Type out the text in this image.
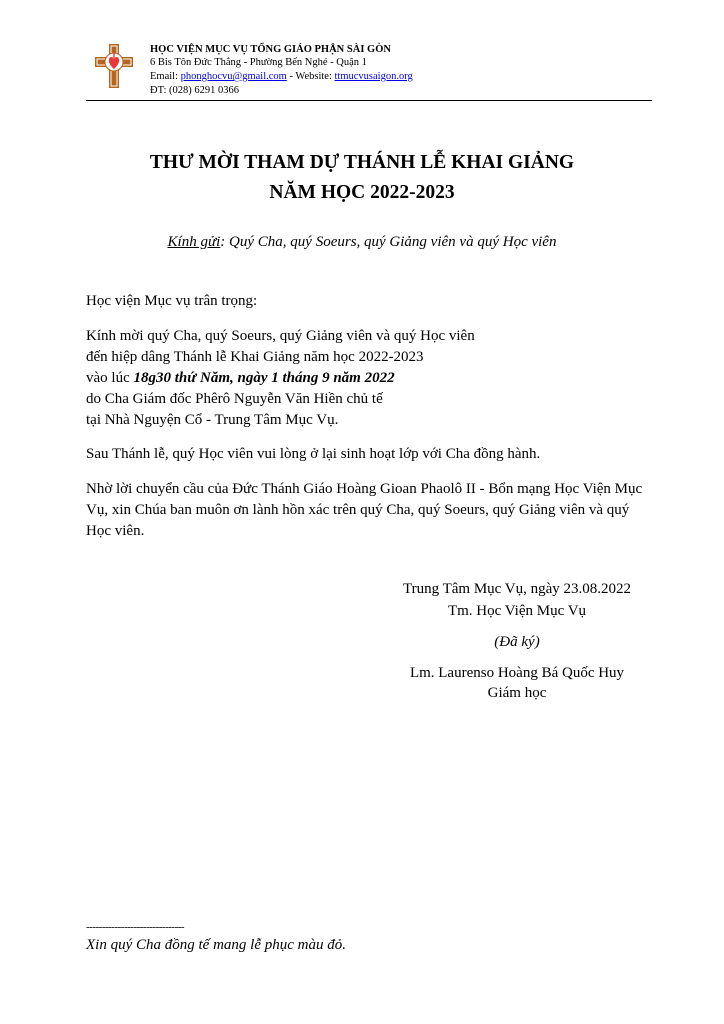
HỌC VIỆN MỤC VỤ TỔNG GIÁO PHẬN SÀI GÒN
6 Bis Tôn Đức Thắng - Phường Bến Nghé - Quận 1
Email: phonghocvu@gmail.com - Website: ttmucvusaigon.org
ĐT: (028) 6291 0366
THƯ MỜI THAM DỰ THÁNH LỄ KHAI GIẢNG
NĂM HỌC 2022-2023
Kính gửi: Quý Cha, quý Soeurs, quý Giảng viên và quý Học viên
Học viện Mục vụ trân trọng:
Kính mời quý Cha, quý Soeurs, quý Giảng viên và quý Học viên
đến hiệp dâng Thánh lễ Khai Giảng năm học 2022-2023
vào lúc 18g30 thứ Năm, ngày 1 tháng 9 năm 2022
do Cha Giám đốc Phêrô Nguyễn Văn Hiền chủ tế
tại Nhà Nguyện Cổ - Trung Tâm Mục Vụ.
Sau Thánh lễ, quý Học viên vui lòng ở lại sinh hoạt lớp với Cha đồng hành.
Nhờ lời chuyển cầu của Đức Thánh Giáo Hoàng Gioan Phaolô II - Bổn mạng Học Viện Mục Vụ, xin Chúa ban muôn ơn lành hồn xác trên quý Cha, quý Soeurs, quý Giảng viên và quý Học viên.
Trung Tâm Mục Vụ, ngày 23.08.2022
Tm. Học Viện Mục Vụ
(Đã ký)
Lm. Laurenso Hoàng Bá Quốc Huy
Giám học
-------------------------------
Xin quý Cha đồng tế mang lễ phục màu đỏ.
